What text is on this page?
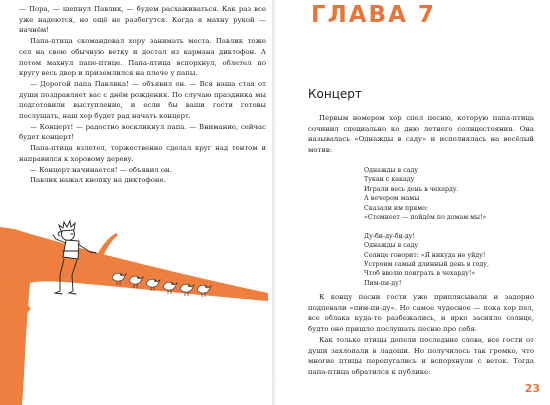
— Пора, — шепнул Павлик, — будем расхаживаться. Как раз все уже надеются, но ещё не разбегутся. Когда я махну рукой — начнём!

Папа-птица скомандовал хору занимать места. Павлик тоже сел на свою обычную ветку и достал из кармана диктофон. А потом махнул папе-птице. Папа-птица вспорхнул, облетел по кругу весь двор и приземлился на плече у папы.

— Дорогой папа Павлика! — объявил он. — Вся наша стая от души поздравляет вас с днём рождения. По случаю праздника мы подготовили выступление, и если бы ваши гости готовы послушать, наш хор будет рад начать концерт.

— Концерт! — радостно воскликнул папа. — Внимание, сейчас будет концерт!

Папа-птица взлетел, торжественно сделал круг над тентом и направился к хоровому дереву.

— Концерт начинается! — объявил он.

Павлик нажал кнопку на диктофоне.

ГЛАВА 7
Концерт

Первым номером хор спел песню, которую папа-птица сочинил специально ко дню летнего солнцестояния. Она называлась «Однажды в саду» и исполнялась на весёлый мотив:

Однажды в саду

Тукан с какаду

Играли весь день в чехарду.

А вечером мамы

Сказали им прямо:

«Стемнеет — пойдём по домам мы!»

Ду-би-ду-би-ду!

Однажды в саду

Солнце говорит: «Я никуда не уйду!

Устроим самый длинный день в году,

Чтоб вволю поиграть в чехарду!»

Пим-пи-ду!

К концу песни гости уже приплясывали и задорно подпевали «пим-пи-ду». Но самое чудесное — пока хор пел, все облака куда-то разбежались, и ярко засияло солнце, будто оно пришло послушать песню про себя.

Как только птицы допели последние слова, все гости от души захлопали в ладоши. Но получилось так громко, что многие птицы перепугались и вспорхнули с веток. Тогда папа-птица обратился к публике:

23
